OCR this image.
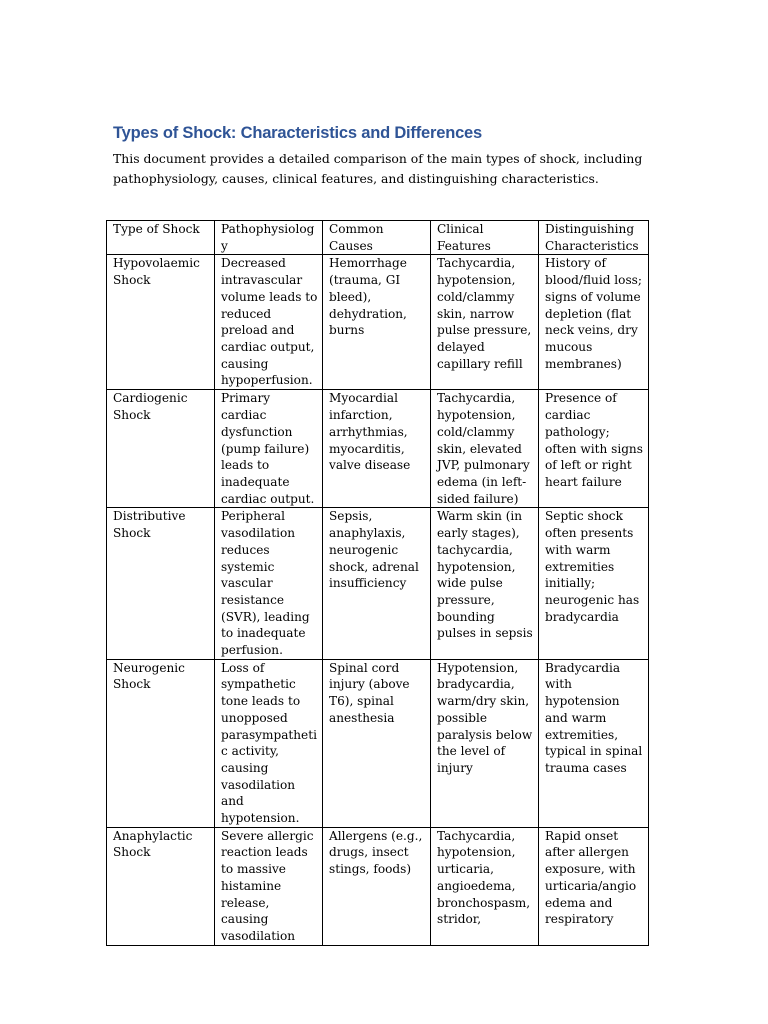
Types of Shock: Characteristics and Differences

This document provides a detailed comparison of the main types of shock, including pathophysiology, causes, clinical features, and distinguishing characteristics.

Type of Shock	Pathophysiolog y	Common Causes	Clinical Features	Distinguishing Characteristics
Hypovolaemic Shock	Decreased intravascular volume leads to reduced preload and cardiac output, causing hypoperfusion.	Hemorrhage (trauma, GI bleed), dehydration, burns	Tachycardia, hypotension, cold/clammy skin, narrow pulse pressure, delayed capillary refill	History of blood/fluid loss; signs of volume depletion (flat neck veins, dry mucous membranes)
Cardiogenic Shock	Primary cardiac dysfunction (pump failure) leads to inadequate cardiac output.	Myocardial infarction, arrhythmias, myocarditis, valve disease	Tachycardia, hypotension, cold/clammy skin, elevated JVP, pulmonary edema (in left-sided failure)	Presence of cardiac pathology; often with signs of left or right heart failure
Distributive Shock	Peripheral vasodilation reduces systemic vascular resistance (SVR), leading to inadequate perfusion.	Sepsis, anaphylaxis, neurogenic shock, adrenal insufficiency	Warm skin (in early stages), tachycardia, hypotension, wide pulse pressure, bounding pulses in sepsis	Septic shock often presents with warm extremities initially; neurogenic has bradycardia
Neurogenic Shock	Loss of sympathetic tone leads to unopposed parasympatheti c activity, causing vasodilation and hypotension.	Spinal cord injury (above T6), spinal anesthesia	Hypotension, bradycardia, warm/dry skin, possible paralysis below the level of injury	Bradycardia with hypotension and warm extremities, typical in spinal trauma cases
Anaphylactic Shock	Severe allergic reaction leads to massive histamine release, causing vasodilation	Allergens (e.g., drugs, insect stings, foods)	Tachycardia, hypotension, urticaria, angioedema, bronchospasm, stridor,	Rapid onset after allergen exposure, with urticaria/angio edema and respiratory
